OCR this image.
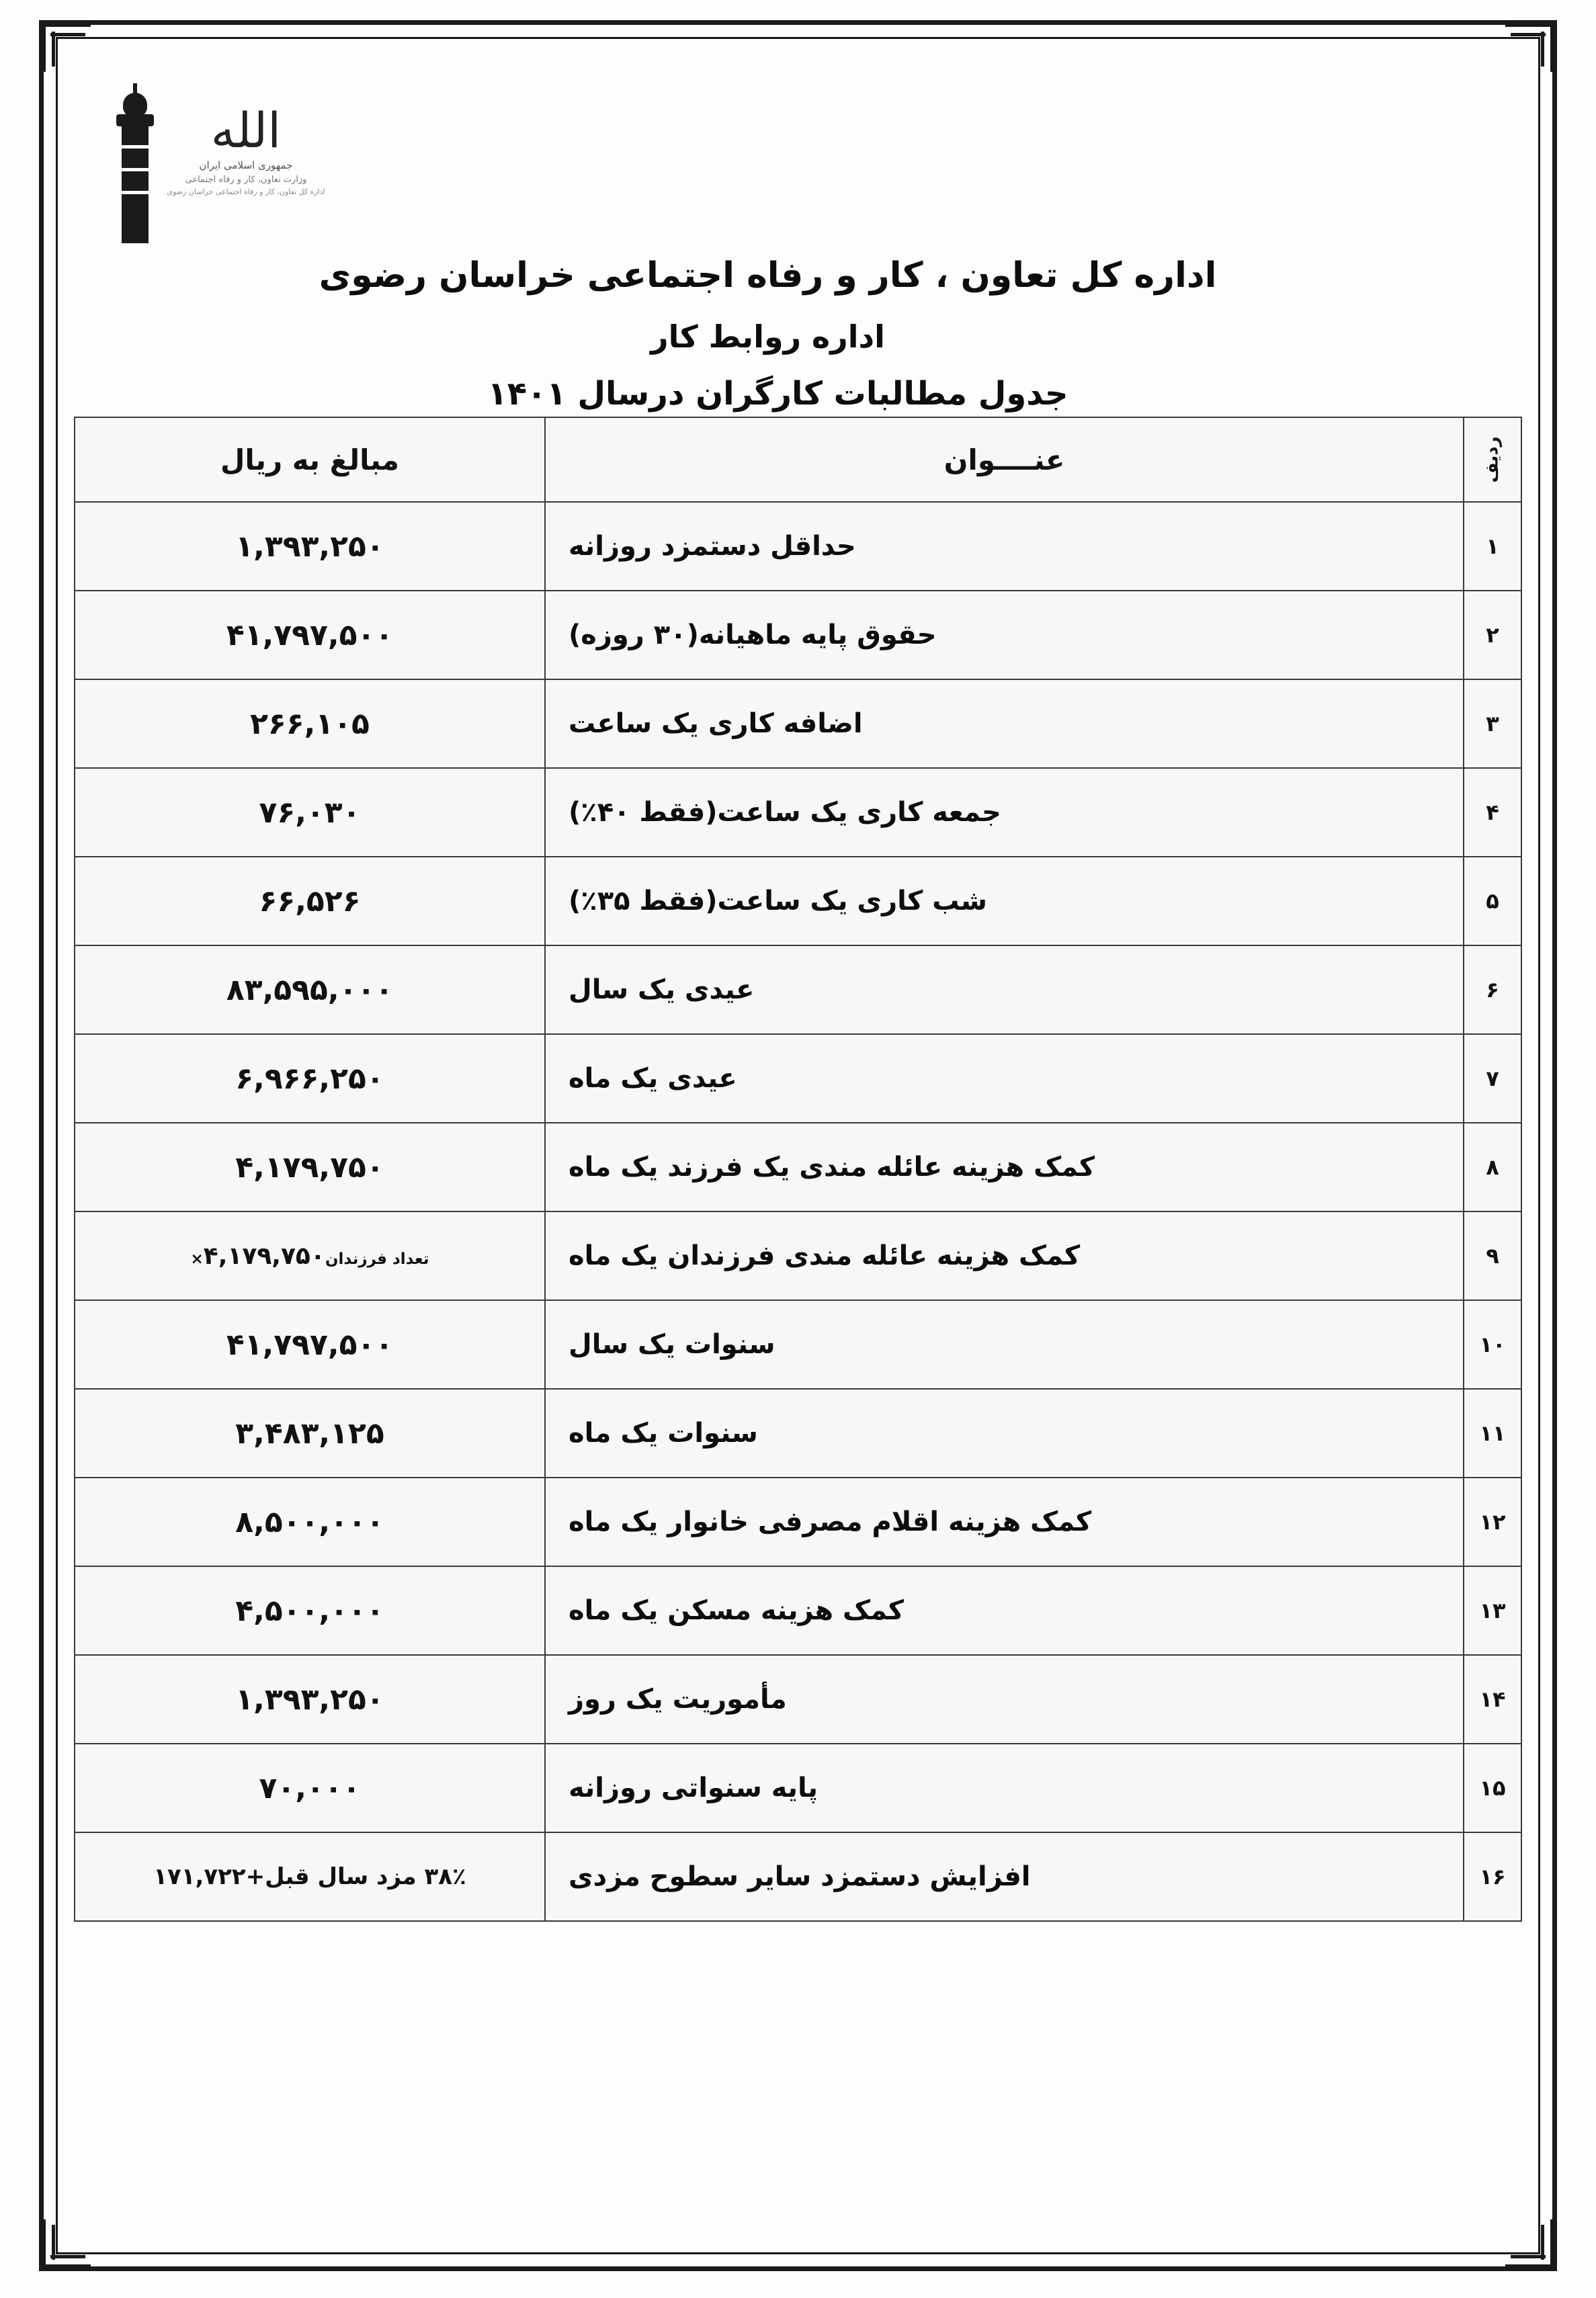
الله
جمهوری اسلامی ایران
وزارت تعاون، کار و رفاه اجتماعی
اداره کل تعاون، کار و رفاه اجتماعی خراسان رضوی
اداره کل تعاون ، کار و رفاه اجتماعی خراسان رضوی
اداره روابط کار
جدول مطالبات کارگران درسال ۱۴۰۱
ردیف	عنــــوان	مبالغ به ریال
۱	حداقل دستمزد روزانه	۱,۳۹۳,۲۵۰
۲	حقوق پایه ماهیانه(۳۰ روزه)	۴۱,۷۹۷,۵۰۰
۳	اضافه کاری یک ساعت	۲۶۶,۱۰۵
۴	جمعه کاری یک ساعت(فقط ۴۰٪)	۷۶,۰۳۰
۵	شب کاری یک ساعت(فقط ۳۵٪)	۶۶,۵۲۶
۶	عیدی یک سال	۸۳,۵۹۵,۰۰۰
۷	عیدی یک ماه	۶,۹۶۶,۲۵۰
۸	کمک هزینه عائله مندی یک فرزند یک ماه	۴,۱۷۹,۷۵۰
۹	کمک هزینه عائله مندی فرزندان یک ماه	×تعداد فرزندان۴,۱۷۹,۷۵۰
۱۰	سنوات یک سال	۴۱,۷۹۷,۵۰۰
۱۱	سنوات یک ماه	۳,۴۸۳,۱۲۵
۱۲	کمک هزینه اقلام مصرفی خانوار یک ماه	۸,۵۰۰,۰۰۰
۱۳	کمک هزینه مسکن یک ماه	۴,۵۰۰,۰۰۰
۱۴	مأموریت یک روز	۱,۳۹۳,۲۵۰
۱۵	پایه سنواتی روزانه	۷۰,۰۰۰
۱۶	افزایش دستمزد سایر سطوح مزدی	۳۸٪ مزد سال قبل+۱۷۱,۷۲۲
